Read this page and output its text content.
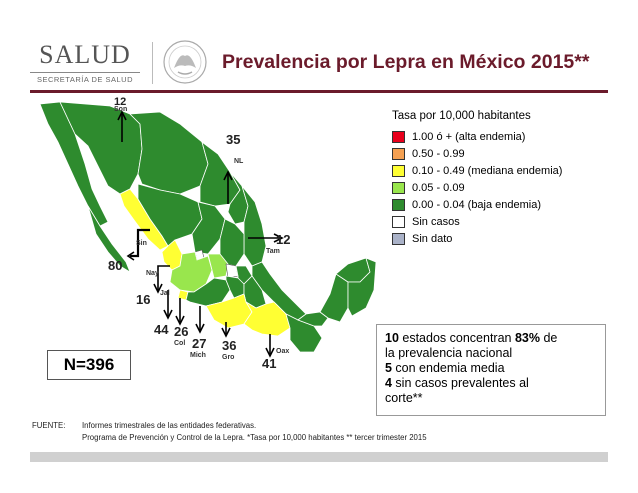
SALUD
SECRETARÍA DE SALUD
Prevalencia por Lepra en México 2015**
12
Son
35
NL
12
Tam
Sin
80
Nay
16 Jal
44 26
Col 27
Mich
36
Gro
Oax
41
Tasa por 10,000 habitantes
1.00 ó + (alta endemia)
0.50 - 0.99
0.10 - 0.49 (mediana endemia)
0.05 - 0.09
0.00 - 0.04 (baja endemia)
Sin casos
Sin dato
10 estados concentran 83% de
la prevalencia nacional
5 con endemia media
4 sin casos prevalentes al
corte**
N=396
FUENTE: Informes trimestrales de las entidades federativas.
Programa de Prevención y Control de la Lepra. *Tasa por 10,000 habitantes ** tercer trimester 2015
